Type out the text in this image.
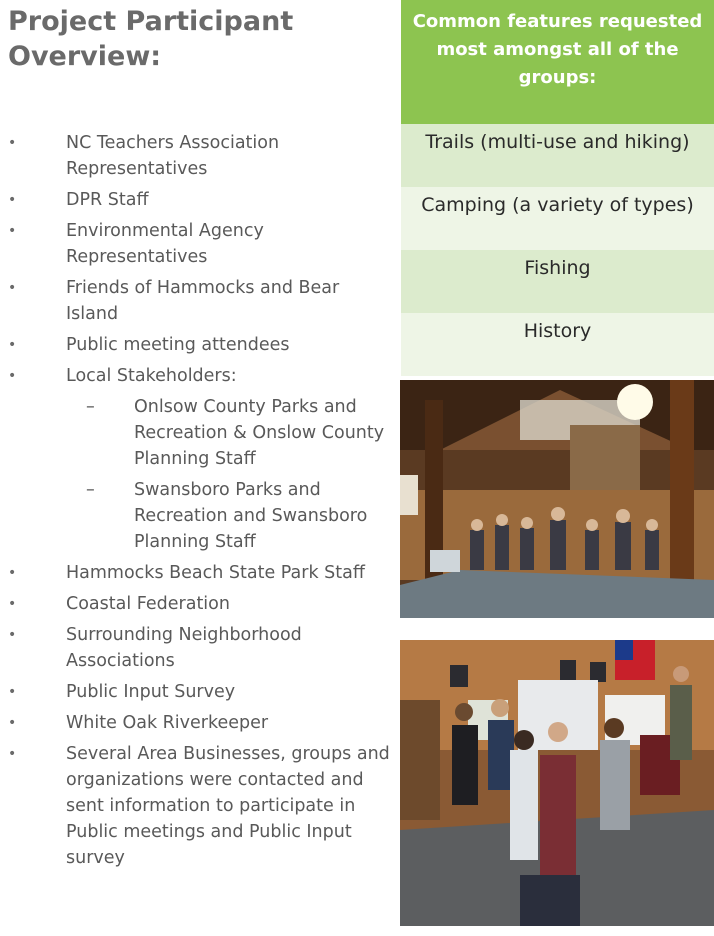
Project Participant Overview:
• NC Teachers Association Representatives
• DPR Staff
• Environmental Agency Representatives
• Friends of Hammocks and Bear Island
• Public meeting attendees
• Local Stakeholders:
– Onlsow County Parks and Recreation & Onslow County Planning Staff
– Swansboro Parks and Recreation and Swansboro Planning Staff
• Hammocks Beach State Park Staff
• Coastal Federation
• Surrounding Neighborhood Associations
• Public Input Survey
• White Oak Riverkeeper
• Several Area Businesses, groups and organizations were contacted and sent information to participate in Public meetings and Public Input survey
Common features requested most amongst all of the groups:
Trails (multi-use and hiking)
Camping (a variety of types)
Fishing
History
